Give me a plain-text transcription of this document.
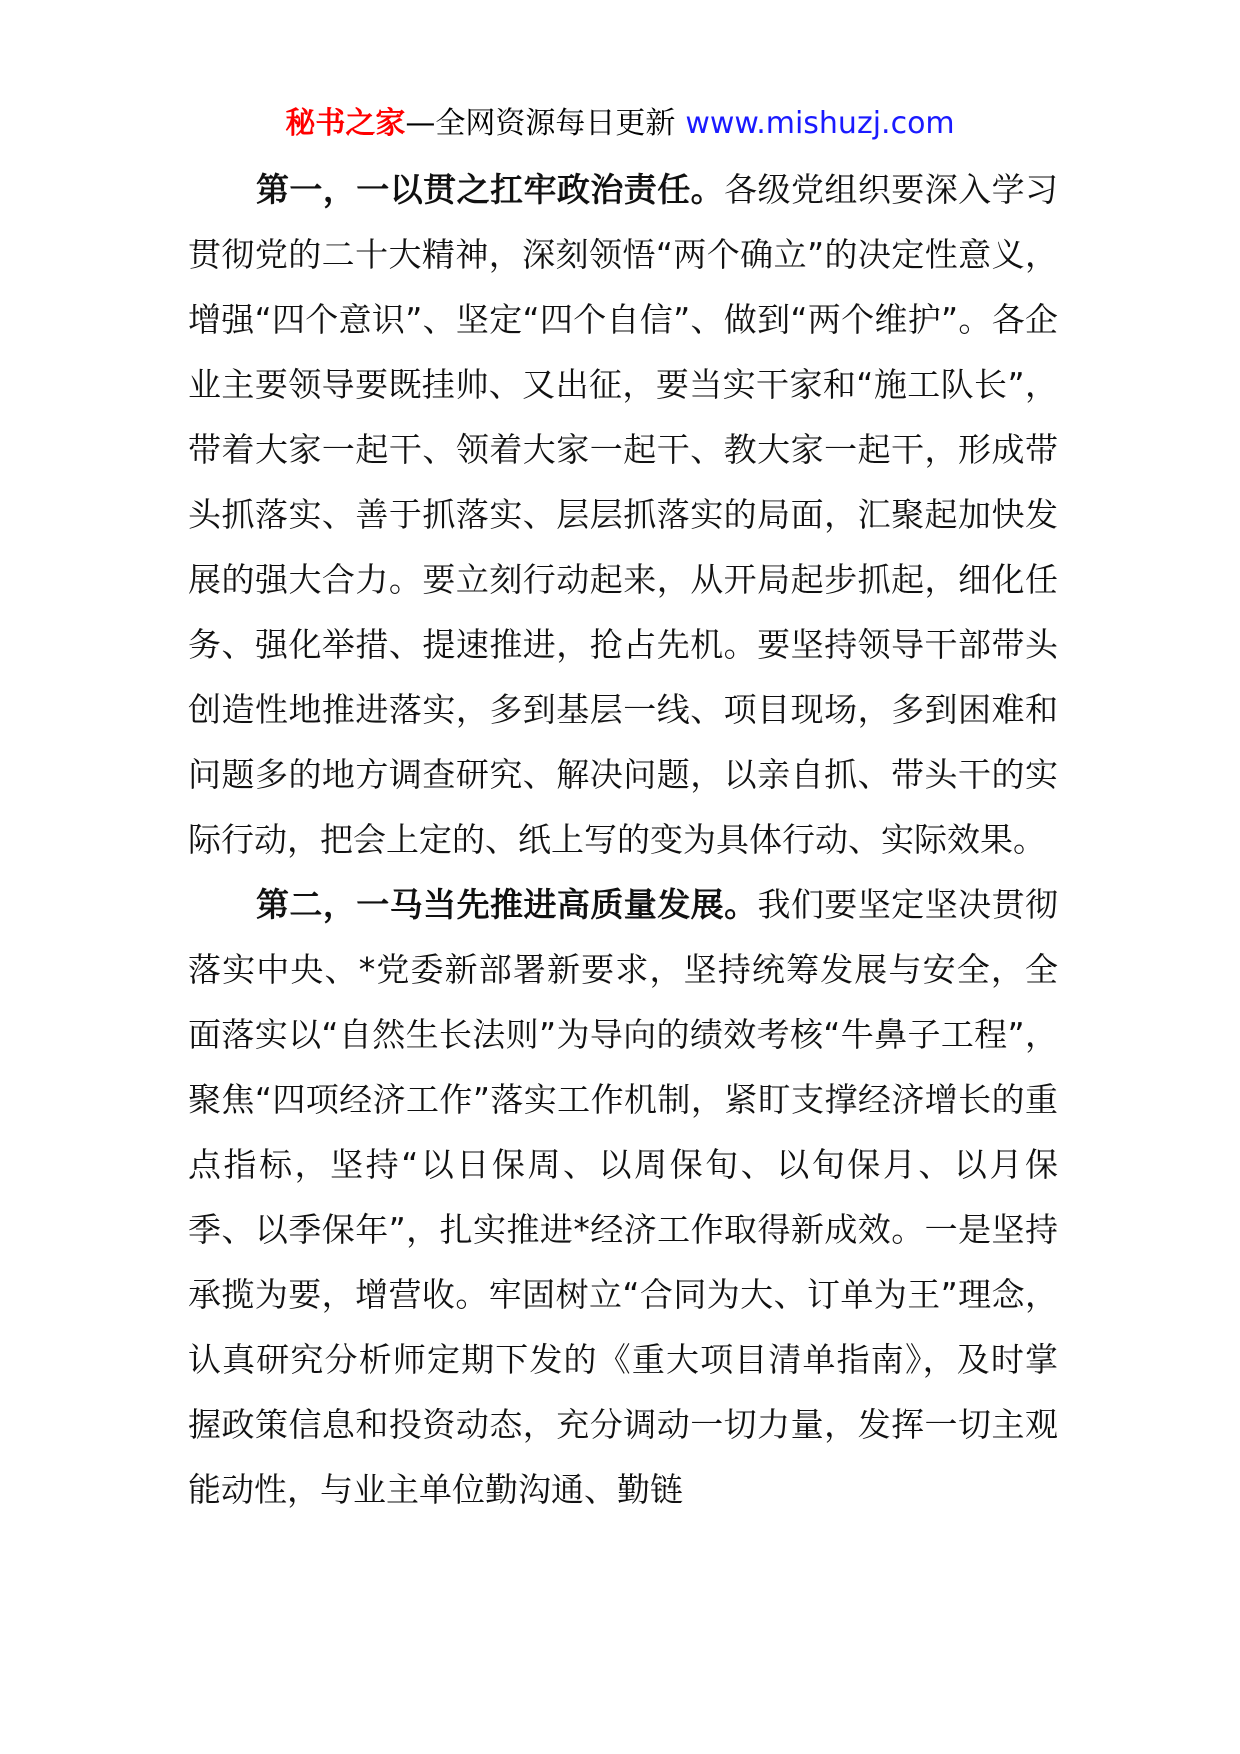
秘书之家—全网资源每日更新 www.mishuzj.com

第一，一以贯之扛牢政治责任。各级党组织要深入学习贯彻党的二十大精神，深刻领悟“两个确立”的决定性意义，增强“四个意识”、坚定“四个自信”、做到“两个维护”。各企业主要领导要既挂帅、又出征，要当实干家和“施工队长”，带着大家一起干、领着大家一起干、教大家一起干，形成带头抓落实、善于抓落实、层层抓落实的局面，汇聚起加快发展的强大合力。要立刻行动起来，从开局起步抓起，细化任务、强化举措、提速推进，抢占先机。要坚持领导干部带头创造性地推进落实，多到基层一线、项目现场，多到困难和问题多的地方调查研究、解决问题，以亲自抓、带头干的实际行动，把会上定的、纸上写的变为具体行动、实际效果。

第二，一马当先推进高质量发展。我们要坚定坚决贯彻落实中央、*党委新部署新要求，坚持统筹发展与安全，全面落实以“自然生长法则”为导向的绩效考核“牛鼻子工程”，聚焦“四项经济工作”落实工作机制，紧盯支撑经济增长的重点指标，坚持“以日保周、以周保旬、以旬保月、以月保季、以季保年”，扎实推进*经济工作取得新成效。一是坚持承揽为要，增营收。牢固树立“合同为大、订单为王”理念，认真研究分析师定期下发的《重大项目清单指南》，及时掌握政策信息和投资动态，充分调动一切力量，发挥一切主观能动性，与业主单位勤沟通、勤链
